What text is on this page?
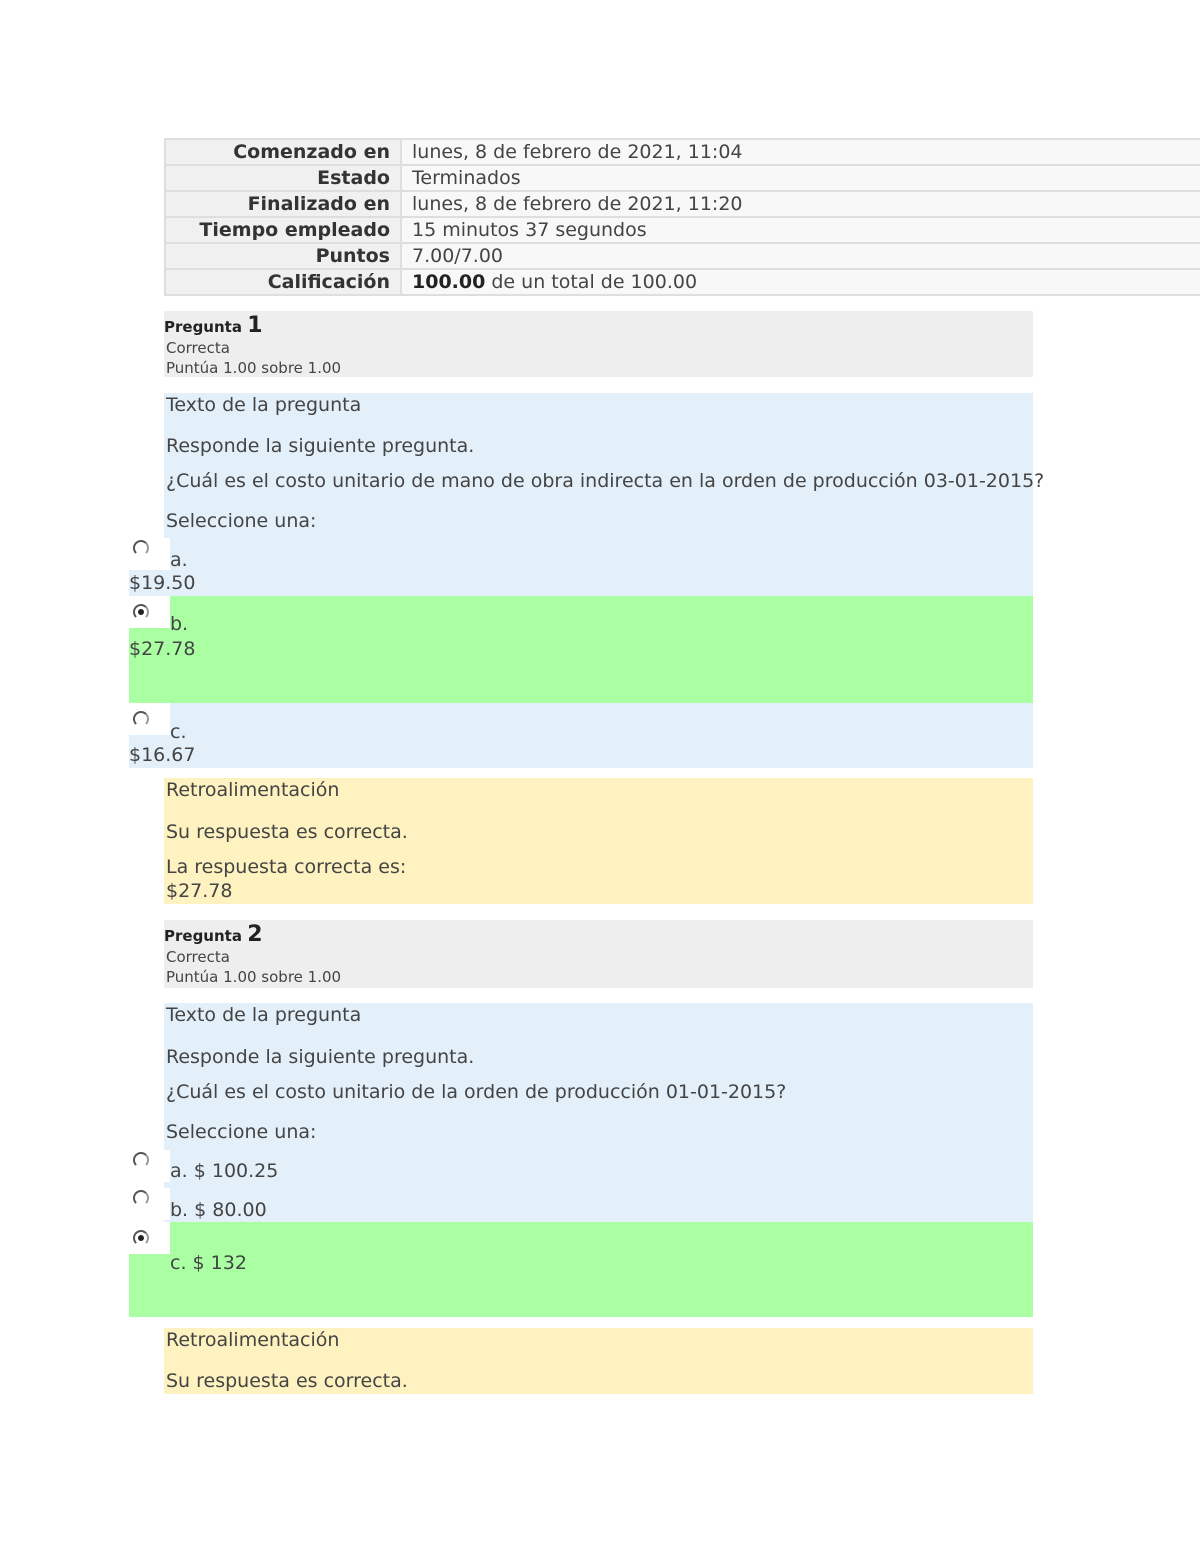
Comenzado en	lunes, 8 de febrero de 2021, 11:04
Estado	Terminados
Finalizado en	lunes, 8 de febrero de 2021, 11:20
Tiempo empleado	15 minutos 37 segundos
Puntos	7.00/7.00
Calificación	100.00 de un total de 100.00
Pregunta 1
Correcta
Puntúa 1.00 sobre 1.00
Texto de la pregunta
Responde la siguiente pregunta.
¿Cuál es el costo unitario de mano de obra indirecta en la orden de producción 03-01-2015?
Seleccione una:
a.
$19.50
b.
$27.78
c.
$16.67
Retroalimentación
Su respuesta es correcta.
La respuesta correcta es:
$27.78
Pregunta 2
Correcta
Puntúa 1.00 sobre 1.00
Texto de la pregunta
Responde la siguiente pregunta.
¿Cuál es el costo unitario de la orden de producción 01-01-2015?
Seleccione una:
a. $ 100.25
b. $ 80.00
c. $ 132
Retroalimentación
Su respuesta es correcta.
